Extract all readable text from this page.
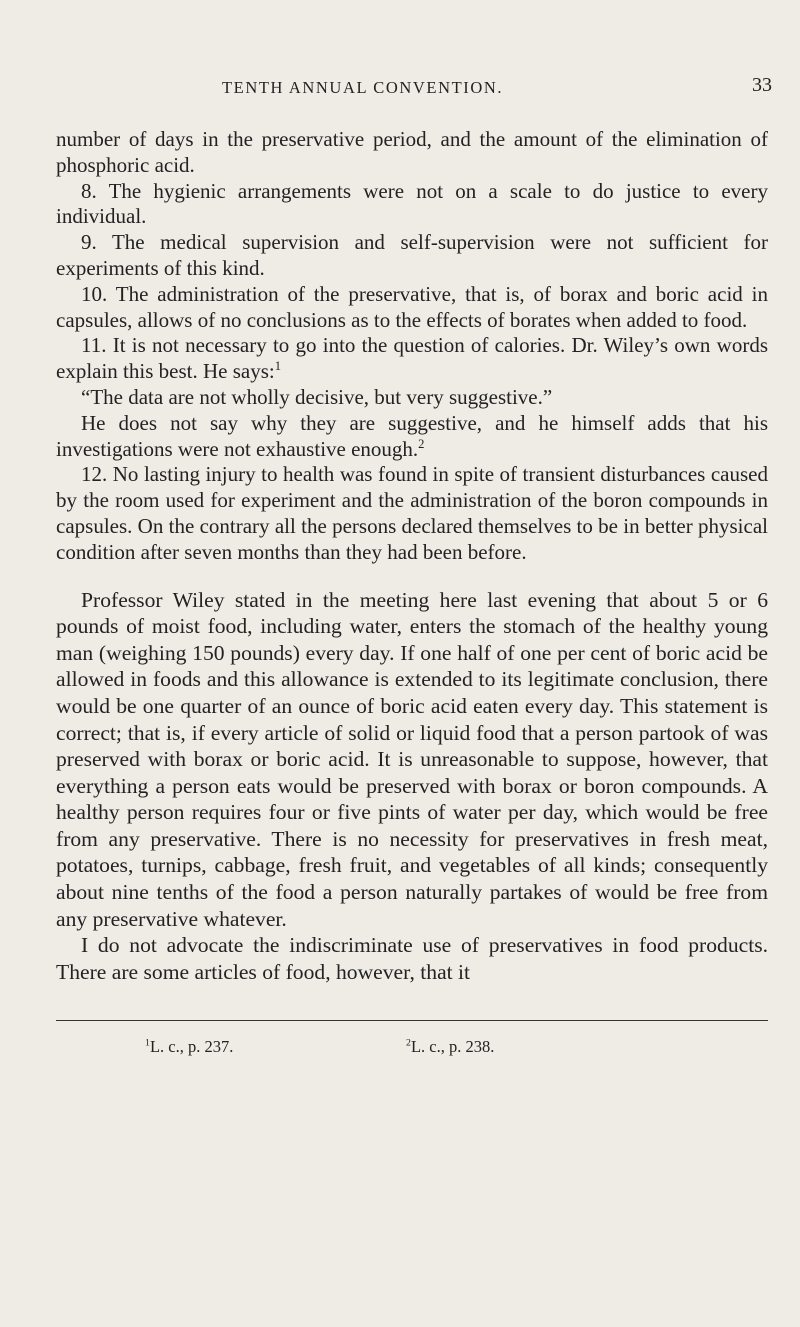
TENTH ANNUAL CONVENTION.	33

number of days in the preservative period, and the amount of the elimination of phosphoric acid.

8. The hygienic arrangements were not on a scale to do justice to every individual.

9. The medical supervision and self-supervision were not sufficient for experiments of this kind.

10. The administration of the preservative, that is, of borax and boric acid in capsules, allows of no conclusions as to the effects of borates when added to food.

11. It is not necessary to go into the question of calories. Dr. Wiley’s own words explain this best. He says:$^1$

“The data are not wholly decisive, but very suggestive.”

He does not say why they are suggestive, and he himself adds that his investigations were not exhaustive enough.$^2$

12. No lasting injury to health was found in spite of transient disturbances caused by the room used for experiment and the administration of the boron compounds in capsules. On the contrary all the persons declared themselves to be in better physical condition after seven months than they had been before.

Professor Wiley stated in the meeting here last evening that about 5 or 6 pounds of moist food, including water, enters the stomach of the healthy young man (weighing 150 pounds) every day. If one half of one per cent of boric acid be allowed in foods and this allowance is extended to its legitimate conclusion, there would be one quarter of an ounce of boric acid eaten every day. This statement is correct; that is, if every article of solid or liquid food that a person partook of was preserved with borax or boric acid. It is unreasonable to suppose, however, that everything a person eats would be preserved with borax or boron compounds. A healthy person requires four or five pints of water per day, which would be free from any preservative. There is no necessity for preservatives in fresh meat, potatoes, turnips, cabbage, fresh fruit, and vegetables of all kinds; consequently about nine tenths of the food a person naturally partakes of would be free from any preservative whatever.

I do not advocate the indiscriminate use of preservatives in food products. There are some articles of food, however, that it

$^1$L. c., p. 237.	$^2$L. c., p. 238.
